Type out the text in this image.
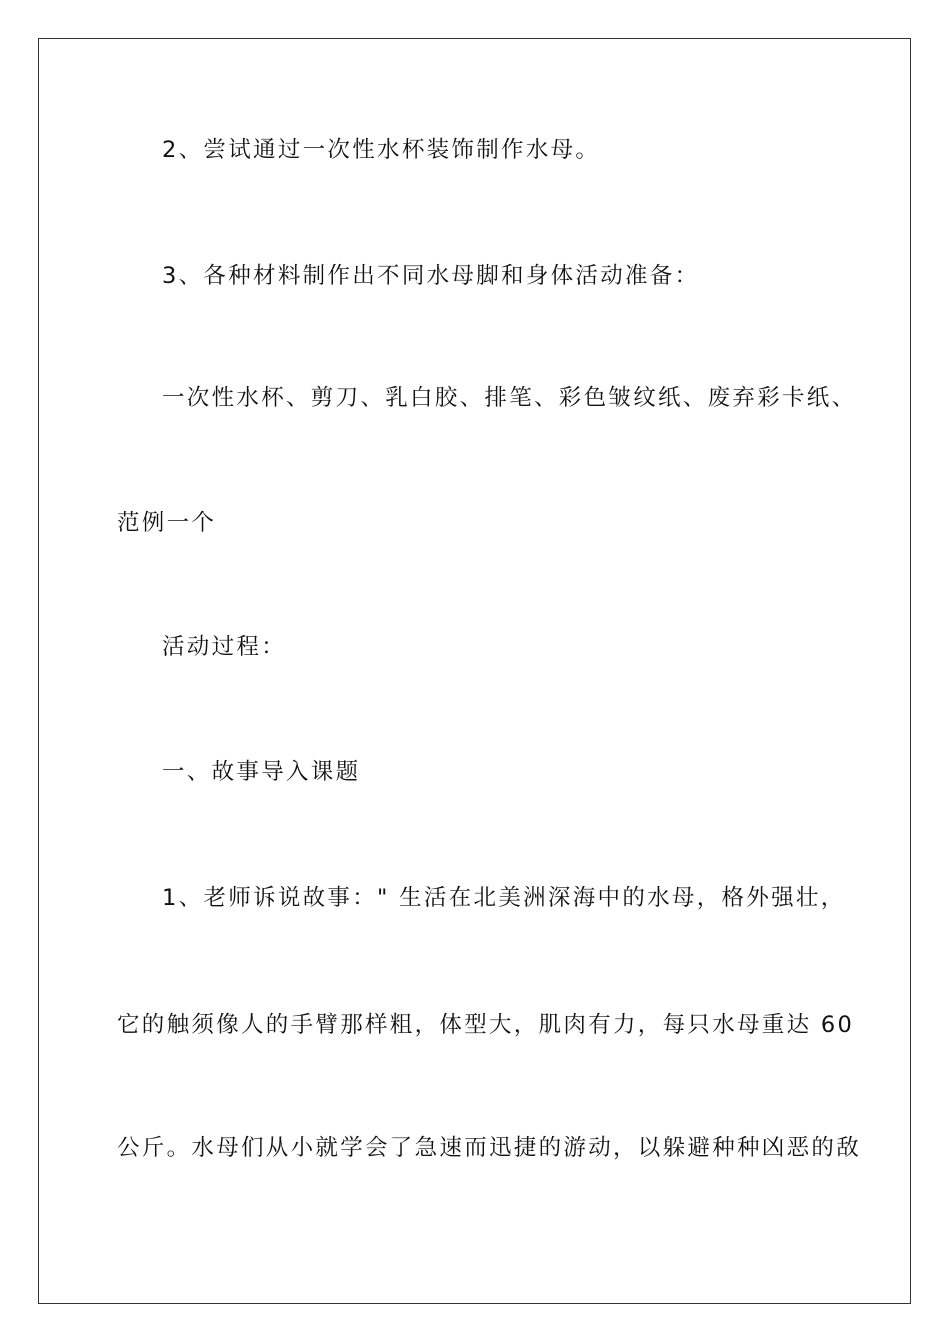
2、尝试通过一次性水杯装饰制作水母。
3、各种材料制作出不同水母脚和身体活动准备：
一次性水杯、剪刀、乳白胶、排笔、彩色皱纹纸、废弃彩卡纸、
范例一个
活动过程：
一、故事导入课题
1、老师诉说故事：" 生活在北美洲深海中的水母，格外强壮，
它的触须像人的手臂那样粗，体型大，肌肉有力，每只水母重达 60
公斤。水母们从小就学会了急速而迅捷的游动，以躲避种种凶恶的敌
